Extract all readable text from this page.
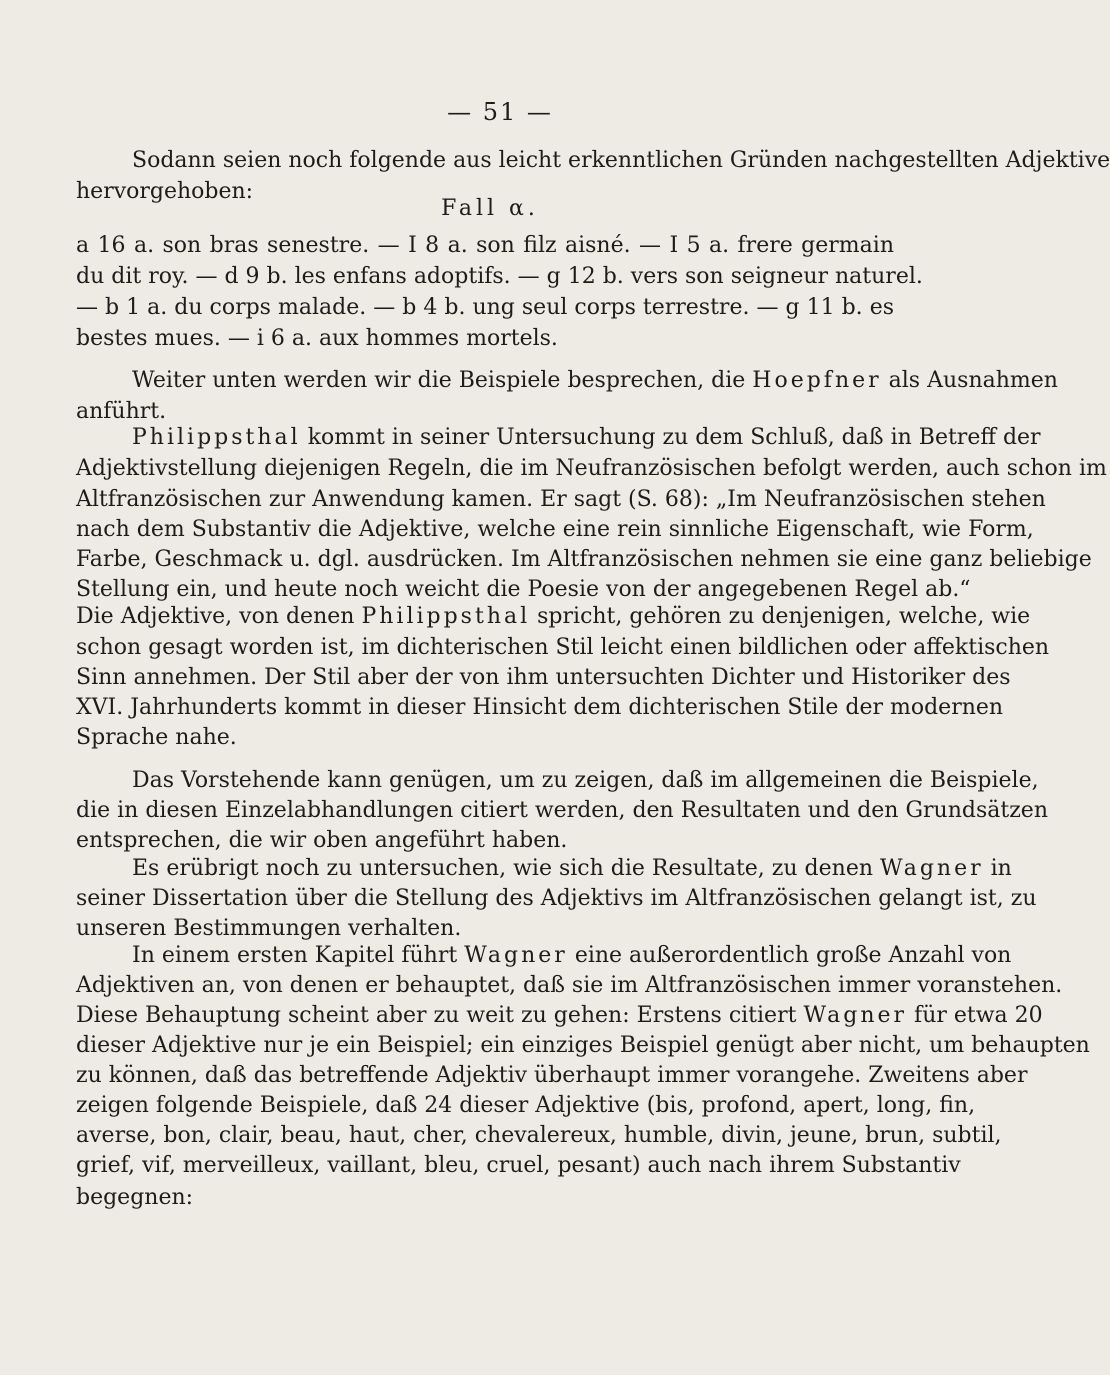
— 51 —
Sodann seien noch folgende aus leicht erkenntlichen Gründen nachgestellten Adjektive
hervorgehoben:
Fall α.
a 16 a. son bras senestre. — I 8 a. son filz aisné. — I 5 a. frere germain
du dit roy. — d 9 b. les enfans adoptifs. — g 12 b. vers son seigneur naturel.
— b 1 a. du corps malade. — b 4 b. ung seul corps terrestre. — g 11 b. es
bestes mues. — i 6 a. aux hommes mortels.
Weiter unten werden wir die Beispiele besprechen, die Hoepfner als Ausnahmen
anführt.
Philippsthal kommt in seiner Untersuchung zu dem Schluß, daß in Betreff der
Adjektivstellung diejenigen Regeln, die im Neufranzösischen befolgt werden, auch schon im
Altfranzösischen zur Anwendung kamen. Er sagt (S. 68): „Im Neufranzösischen stehen
nach dem Substantiv die Adjektive, welche eine rein sinnliche Eigenschaft, wie Form,
Farbe, Geschmack u. dgl. ausdrücken. Im Altfranzösischen nehmen sie eine ganz beliebige
Stellung ein, und heute noch weicht die Poesie von der angegebenen Regel ab.“
Die Adjektive, von denen Philippsthal spricht, gehören zu denjenigen, welche, wie
schon gesagt worden ist, im dichterischen Stil leicht einen bildlichen oder affektischen
Sinn annehmen. Der Stil aber der von ihm untersuchten Dichter und Historiker des
XVI. Jahrhunderts kommt in dieser Hinsicht dem dichterischen Stile der modernen
Sprache nahe.
Das Vorstehende kann genügen, um zu zeigen, daß im allgemeinen die Beispiele,
die in diesen Einzelabhandlungen citiert werden, den Resultaten und den Grundsätzen
entsprechen, die wir oben angeführt haben.
Es erübrigt noch zu untersuchen, wie sich die Resultate, zu denen Wagner in
seiner Dissertation über die Stellung des Adjektivs im Altfranzösischen gelangt ist, zu
unseren Bestimmungen verhalten.
In einem ersten Kapitel führt Wagner eine außerordentlich große Anzahl von
Adjektiven an, von denen er behauptet, daß sie im Altfranzösischen immer voranstehen.
Diese Behauptung scheint aber zu weit zu gehen: Erstens citiert Wagner für etwa 20
dieser Adjektive nur je ein Beispiel; ein einziges Beispiel genügt aber nicht, um behaupten
zu können, daß das betreffende Adjektiv überhaupt immer vorangehe. Zweitens aber
zeigen folgende Beispiele, daß 24 dieser Adjektive (bis, profond, apert, long, fin,
averse, bon, clair, beau, haut, cher, chevalereux, humble, divin, jeune, brun, subtil,
grief, vif, merveilleux, vaillant, bleu, cruel, pesant) auch nach ihrem Substantiv
begegnen:
